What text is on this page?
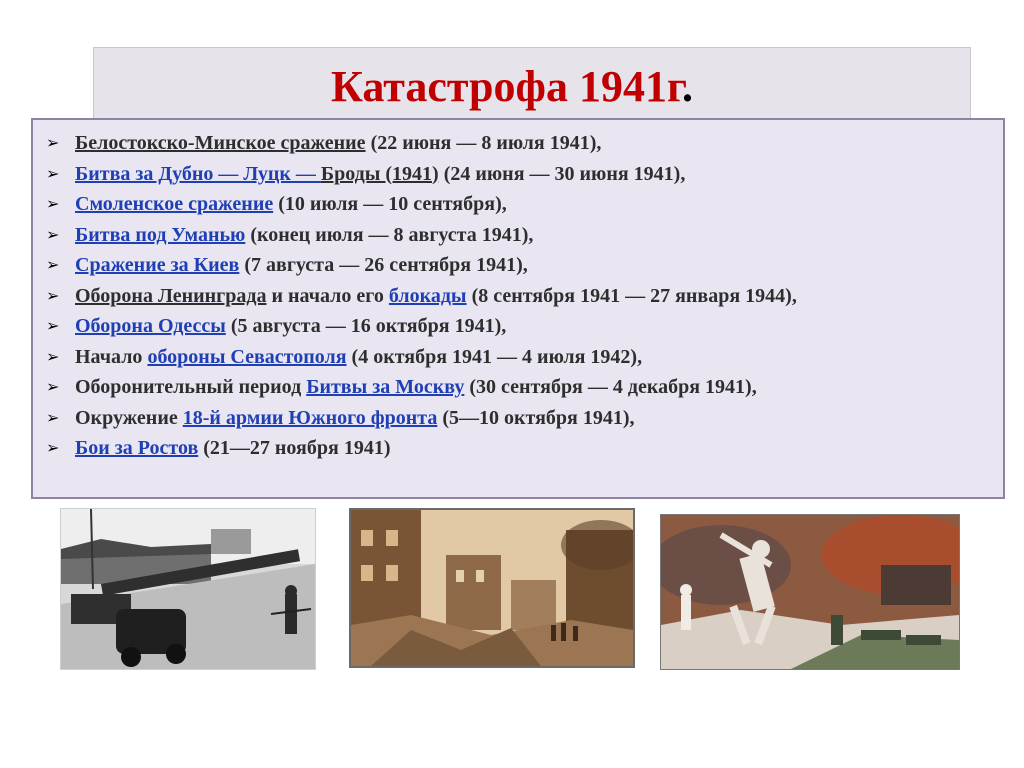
Катастрофа 1941г.
➢ Белостокско-Минское сражение (22 июня — 8 июля 1941),
➢ Битва за Дубно — Луцк — Броды (1941) (24 июня — 30 июня 1941),
➢ Смоленское сражение (10 июля — 10 сентября),
➢ Битва под Уманью (конец июля — 8 августа 1941),
➢ Сражение за Киев (7 августа — 26 сентября 1941),
➢ Оборона Ленинграда и начало его блокады (8 сентября 1941 — 27 января 1944),
➢ Оборона Одессы (5 августа — 16 октября 1941),
➢ Начало обороны Севастополя (4 октября 1941 — 4 июля 1942),
➢ Оборонительный период Битвы за Москву (30 сентября — 4 декабря 1941),
➢ Окружение 18-й армии Южного фронта (5—10 октября 1941),
➢ Бои за Ростов (21—27 ноября 1941)
